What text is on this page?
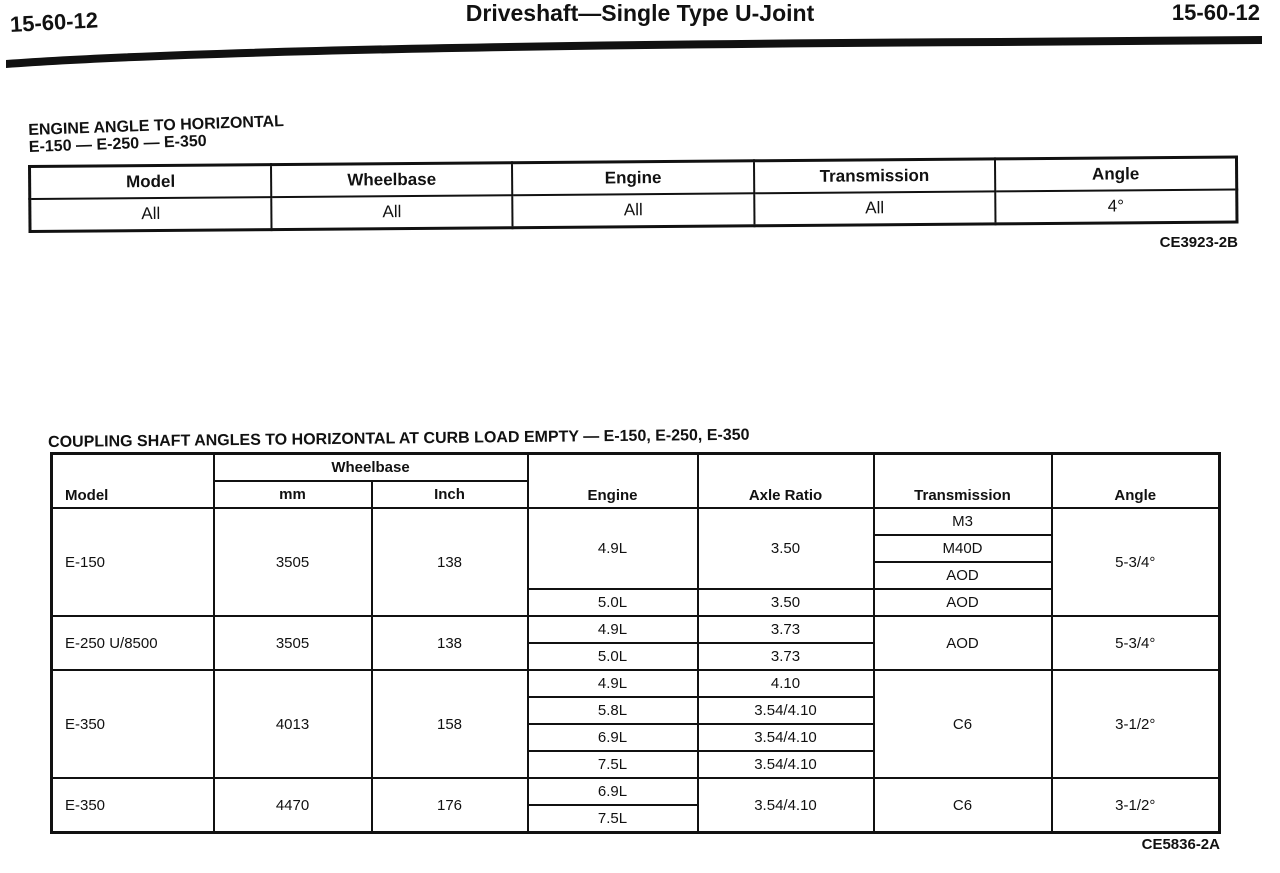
15-60-12	Driveshaft—Single Type U-Joint	15-60-12
ENGINE ANGLE TO HORIZONTAL
E-150 — E-250 — E-350
Model	Wheelbase	Engine	Transmission	Angle
All	All	All	All	4°
CE3923-2B
COUPLING SHAFT ANGLES TO HORIZONTAL AT CURB LOAD EMPTY — E-150, E-250, E-350
Model	Wheelbase		Engine	Axle Ratio	Transmission	Angle
	mm	Inch				
E-150	3505	138	4.9L	3.50	M3	5-3/4°
					M40D	
					AOD	
			5.0L	3.50	AOD	
E-250 U/8500	3505	138	4.9L	3.73	AOD	5-3/4°
			5.0L	3.73		
E-350	4013	158	4.9L	4.10	C6	3-1/2°
			5.8L	3.54/4.10		
			6.9L	3.54/4.10		
			7.5L	3.54/4.10		
E-350	4470	176	6.9L	3.54/4.10	C6	3-1/2°
			7.5L			
CE5836-2A
